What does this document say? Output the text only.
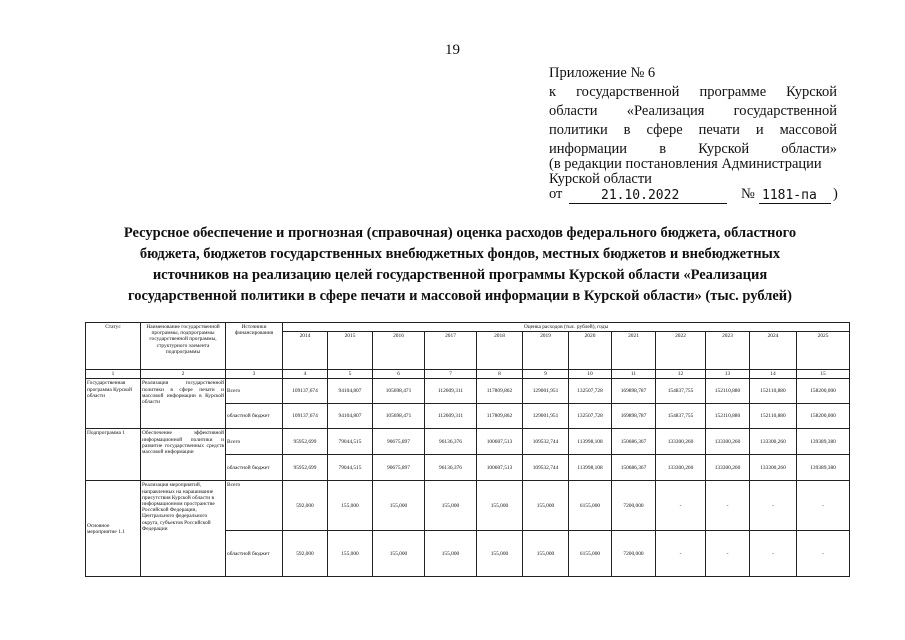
19
Приложение № 6
к государственной программе Курской
области «Реализация государственной
политики в сфере печати и массовой
информации в Курской области»
(в редакции постановления Администрации
Курской области
от	21.10.2022	№ 1181-па )
Ресурсное обеспечение и прогнозная (справочная) оценка расходов федерального бюджета, областного
бюджета, бюджетов государственных внебюджетных фондов, местных бюджетов и внебюджетных
источников на реализацию целей государственной программы Курской области «Реализация
государственной политики в сфере печати и массовой информации в Курской области» (тыс. рублей)
Статус	Наименование государственной программы, подпрограммы государственной программы, структурного элемента подпрограммы	Источники финансирования	Оценка расходов (тыс. рублей), годы											
			2014	2015	2016	2017	2018	2019	2020	2021	2022	2023	2024	2025
1	2	3	4	5	6	7	8	9	10	11	12	13	14	15
Государственная программа Курской области	Реализация государственной политики в сфере печати и массовой информации в Курской области	Всего	109137,674	94104,807	105698,471	112609,311	117809,862	129001,951	132507,728	169898,787	154837,755	152110,880	152110,880	158200,000
		областной бюджет	109137,674	94104,807	105698,471	112609,311	117809,862	129001,951	132507,728	169898,787	154837,755	152110,880	152110,880	158200,000
Подпрограмма 1	Обеспечение эффективной информационной политики и развитие государственных средств массовой информации	Всего	95952,699	79044,515	90675,897	96136,376	100607,513	109532,744	113998,108	150686,367	133300,260	133300,260	133300,260	139389,380
		областной бюджет	95952,699	79044,515	90675,897	96136,376	100607,513	109532,744	113998,108	150686,367	133300,260	133300,260	133300,260	139389,380
Основное мероприятие 1.1	Реализация мероприятий, направленных на нарашивание присутствия Курской области в информационном пространстве Российской Федерации, Центрального федерального округа, субъектов Российской Федерации	Всего	592,000	155,000	155,000	155,000	155,000	155,000	6155,000	7200,000	-	-	-	-
		областной бюджет	592,000	155,000	155,000	155,000	155,000	155,000	6155,000	7200,000	-	-	-	-
